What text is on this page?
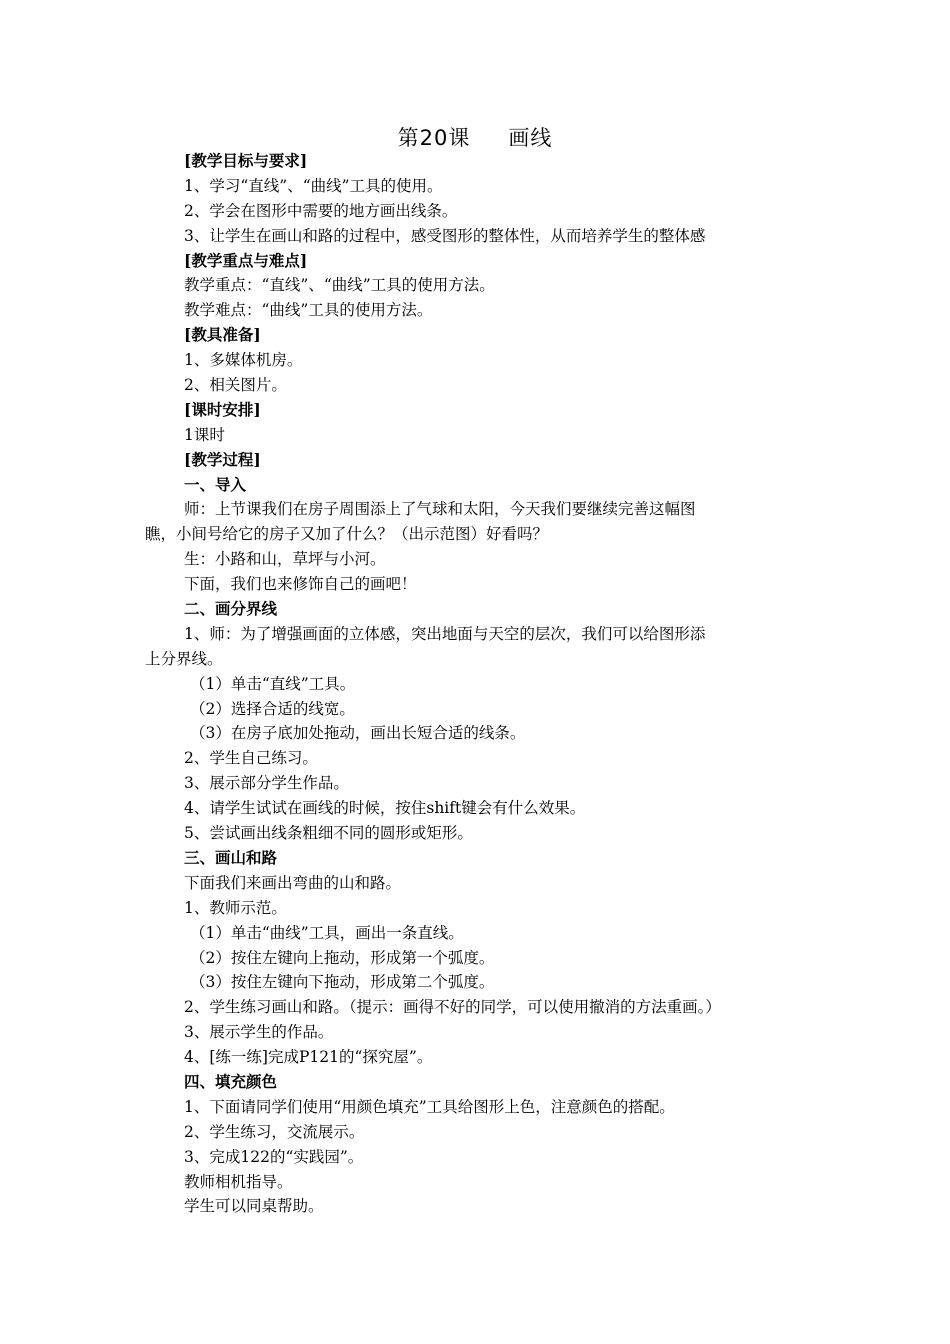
第20课 画线
[教学目标与要求]
1、学习“直线”、“曲线”工具的使用。
2、学会在图形中需要的地方画出线条。
3、让学生在画山和路的过程中，感受图形的整体性，从而培养学生的整体感
[教学重点与难点]
教学重点：“直线”、“曲线”工具的使用方法。
教学难点：“曲线”工具的使用方法。
[教具准备]
1、多媒体机房。
2、相关图片。
[课时安排]
1课时
[教学过程]
一、导入
师：上节课我们在房子周围添上了气球和太阳，今天我们要继续完善这幅图
瞧，小间号给它的房子又加了什么？（出示范图）好看吗？
生：小路和山，草坪与小河。
下面，我们也来修饰自己的画吧！
二、画分界线
1、师：为了增强画面的立体感，突出地面与天空的层次，我们可以给图形添
上分界线。
（1）单击“直线”工具。
（2）选择合适的线宽。
（3）在房子底加处拖动，画出长短合适的线条。
2、学生自己练习。
3、展示部分学生作品。
4、请学生试试在画线的时候，按住shift键会有什么效果。
5、尝试画出线条粗细不同的圆形或矩形。
三、画山和路
下面我们来画出弯曲的山和路。
1、教师示范。
（1）单击“曲线”工具，画出一条直线。
（2）按住左键向上拖动，形成第一个弧度。
（3）按住左键向下拖动，形成第二个弧度。
2、学生练习画山和路。（提示：画得不好的同学，可以使用撤消的方法重画。）
3、展示学生的作品。
4、[练一练]完成P121的“探究屋”。
四、填充颜色
1、下面请同学们使用“用颜色填充”工具给图形上色，注意颜色的搭配。
2、学生练习，交流展示。
3、完成122的“实践园”。
教师相机指导。
学生可以同桌帮助。
